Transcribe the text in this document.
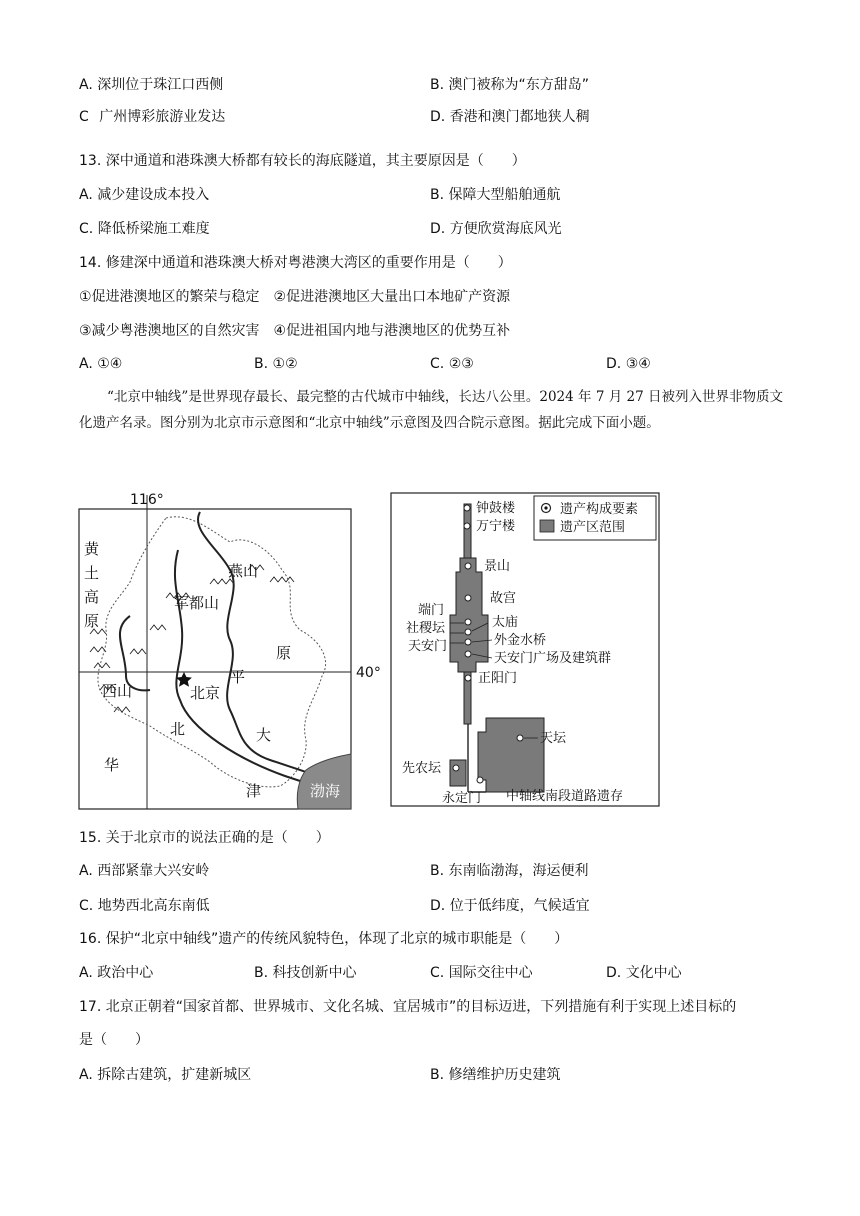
A. 深圳位于珠江口西侧	B. 澳门被称为“东方甜岛”
C 广州博彩旅游业发达	D. 香港和澳门都地狭人稠
13. 深中通道和港珠澳大桥都有较长的海底隧道，其主要原因是（　　）
A. 减少建设成本投入	B. 保障大型船舶通航
C. 降低桥梁施工难度	D. 方便欣赏海底风光
14. 修建深中通道和港珠澳大桥对粤港澳大湾区的重要作用是（　　）
①促进港澳地区的繁荣与稳定　②促进港澳地区大量出口本地矿产资源
③减少粤港澳地区的自然灾害　④促进祖国内地与港澳地区的优势互补
A. ①④	B. ①②	C. ②③	D. ③④
“北京中轴线”是世界现存最长、最完整的古代城市中轴线，长达八公里。2024 年 7 月 27 日被列入世界非物质文化遗产名录。图分别为北京市示意图和“北京中轴线”示意图及四合院示意图。据此完成下面小题。
116°
40°
黄
土
高
原
燕山
军都山
西山	北京
平
原
华
北	大
津	渤海
遗产构成要素
遗产区范围
钟鼓楼
万宁楼
景山
故宫
端门
太庙
社稷坛
外金水桥
天安门
天安门广场及建筑群
正阳门
天坛
先农坛
永定门 中轴线南段道路遗存
15. 关于北京市的说法正确的是（　　）
A. 西部紧靠大兴安岭	B. 东南临渤海，海运便利
C. 地势西北高东南低	D. 位于低纬度，气候适宜
16. 保护“北京中轴线”遗产的传统风貌特色，体现了北京的城市职能是（　　）
A. 政治中心	B. 科技创新中心	C. 国际交往中心	D. 文化中心
17. 北京正朝着“国家首都、世界城市、文化名城、宜居城市”的目标迈进，下列措施有利于实现上述目标的
是（　　）
A. 拆除古建筑，扩建新城区	B. 修缮维护历史建筑
